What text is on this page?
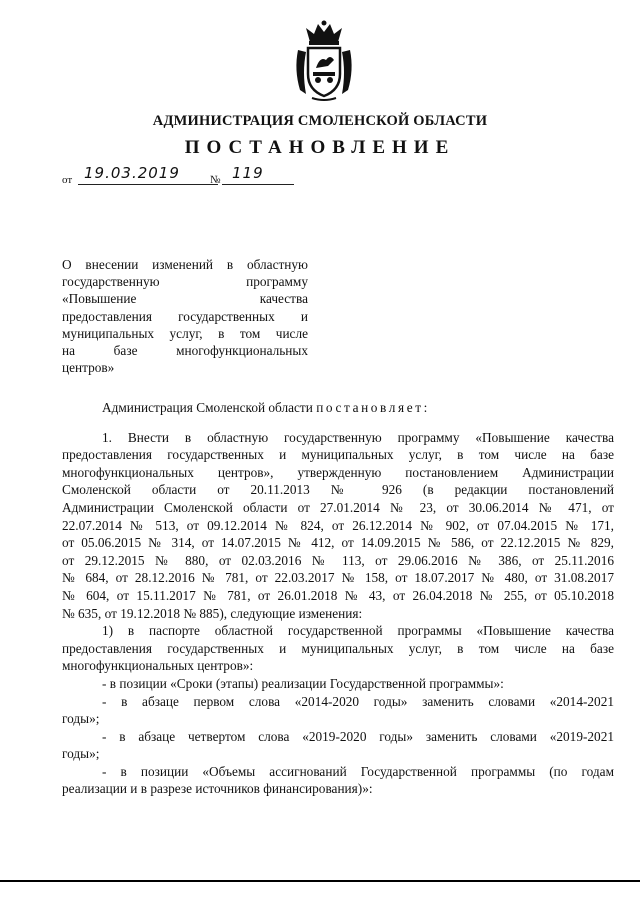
АДМИНИСТРАЦИЯ СМОЛЕНСКОЙ ОБЛАСТИ
ПОСТАНОВЛЕНИЕ
от 19.03.2019	№ 119
О внесении изменений в областную
государственную программу
«Повышение качества
предоставления государственных и
муниципальных услуг, в том числе
на базе многофункциональных
центров»
Администрация Смоленской области постановляет:
1. Внести в областную государственную программу «Повышение качества
предоставления государственных и муниципальных услуг, в том числе на базе
многофункциональных центров», утвержденную постановлением Администрации
Смоленской области от 20.11.2013 № 926 (в редакции постановлений
Администрации Смоленской области от 27.01.2014 № 23, от 30.06.2014 № 471, от
22.07.2014 № 513, от 09.12.2014 № 824, от 26.12.2014 № 902, от 07.04.2015 № 171,
от 05.06.2015 № 314, от 14.07.2015 № 412, от 14.09.2015 № 586, от 22.12.2015 № 829,
от 29.12.2015 № 880, от 02.03.2016 № 113, от 29.06.2016 № 386, от 25.11.2016
№ 684, от 28.12.2016 № 781, от 22.03.2017 № 158, от 18.07.2017 № 480, от 31.08.2017
№ 604, от 15.11.2017 № 781, от 26.01.2018 № 43, от 26.04.2018 № 255, от 05.10.2018
№ 635, от 19.12.2018 № 885), следующие изменения:
1) в паспорте областной государственной программы «Повышение качества
предоставления государственных и муниципальных услуг, в том числе на базе
многофункциональных центров»:
- в позиции «Сроки (этапы) реализации Государственной программы»:
- в абзаце первом слова «2014-2020 годы» заменить словами «2014-2021
годы»;
- в абзаце четвертом слова «2019-2020 годы» заменить словами «2019-2021
годы»;
- в позиции «Объемы ассигнований Государственной программы (по годам
реализации и в разрезе источников финансирования)»:
